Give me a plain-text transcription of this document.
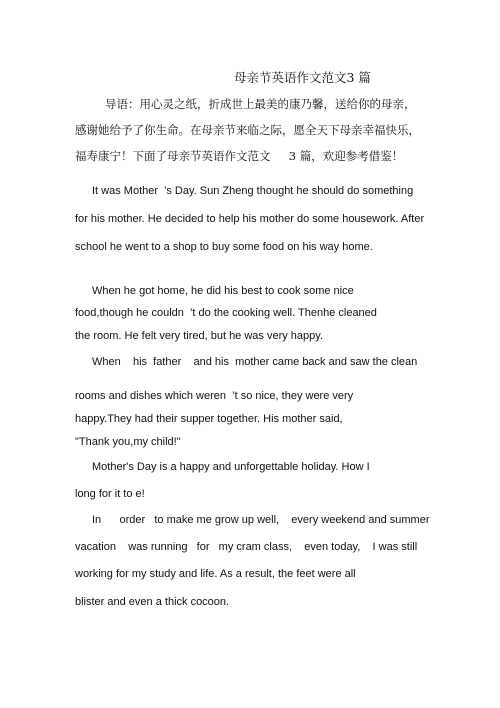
母亲节英语作文范文3 篇
导语：用心灵之纸，折成世上最美的康乃馨，送给你的母亲，
感谢她给予了你生命。在母亲节来临之际，愿全天下母亲幸福快乐，
福寿康宁！下面了母亲节英语作文范文     3 篇，欢迎参考借鉴！
It was Mother  ’s Day. Sun Zheng thought he should do something
for his mother. He decided to help his mother do some housework. After
school he went to a shop to buy some food on his way home.
When he got home, he did his best to cook some nice
food,though he couldn  ’t do the cooking well. Thenhe cleaned
the room. He felt very tired, but he was very happy.
When    his  father    and his  mother came back and saw the clean
rooms and dishes which weren  ’t so nice, they were very
happy.They had their supper together. His mother said,
"Thank you,my child!"
Mother's Day is a happy and unforgettable holiday. How I
long for it to e!
In      order   to make me grow up well,    every weekend and summer
vacation    was running   for   my cram class,    even today,    I was still
working for my study and life. As a result, the feet were all
blister and even a thick cocoon.
